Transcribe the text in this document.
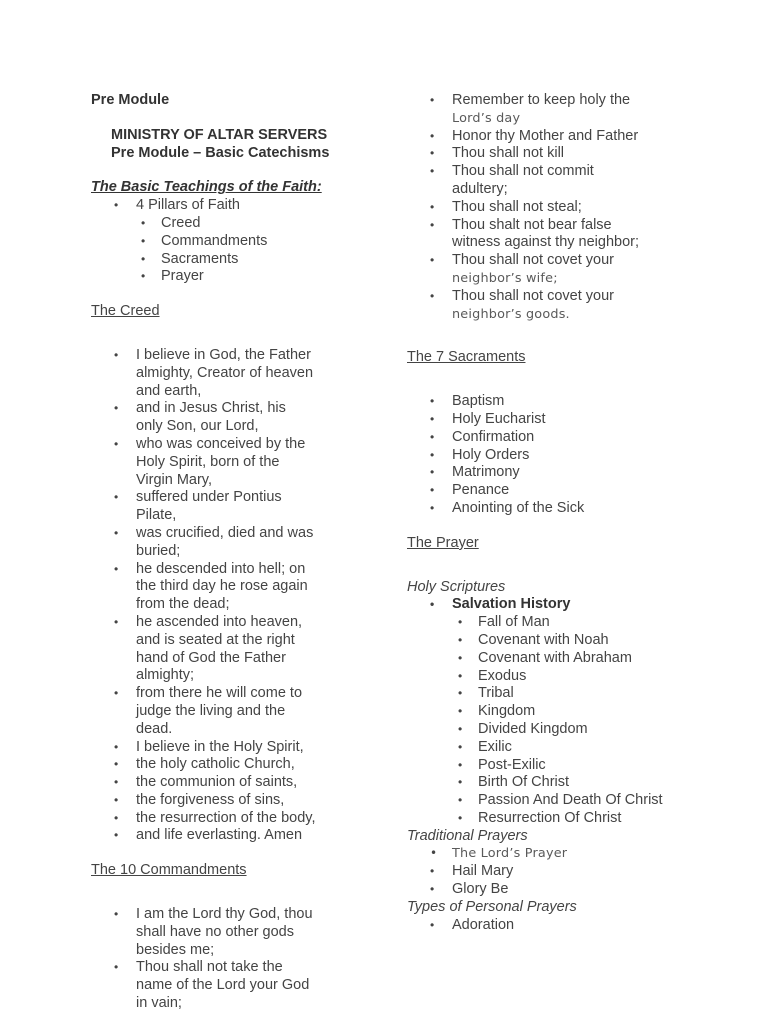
Pre Module
MINISTRY OF ALTAR SERVERS
Pre Module – Basic Catechisms
The Basic Teachings of the Faith:
• 4 Pillars of Faith
• Creed
• Commandments
• Sacraments
• Prayer
The Creed
• I believe in God, the Father almighty, Creator of heaven and earth,
• and in Jesus Christ, his only Son, our Lord,
• who was conceived by the Holy Spirit, born of the Virgin Mary,
• suffered under Pontius Pilate,
• was crucified, died and was buried;
• he descended into hell; on the third day he rose again from the dead;
• he ascended into heaven, and is seated at the right hand of God the Father almighty;
• from there he will come to judge the living and the dead.
• I believe in the Holy Spirit,
• the holy catholic Church,
• the communion of saints,
• the forgiveness of sins,
• the resurrection of the body,
• and life everlasting. Amen
The 10 Commandments
• I am the Lord thy God, thou shall have no other gods besides me;
• Thou shall not take the name of the Lord your God in vain;
• Remember to keep holy the
Lord’s day
• Honor thy Mother and Father
• Thou shall not kill
• Thou shall not commit adultery;
• Thou shall not steal;
• Thou shalt not bear false witness against thy neighbor;
• Thou shall not covet your
neighbor’s wife;
• Thou shall not covet your
neighbor’s goods.
The 7 Sacraments
• Baptism
• Holy Eucharist
• Confirmation
• Holy Orders
• Matrimony
• Penance
• Anointing of the Sick
The Prayer
Holy Scriptures
• Salvation History
• Fall of Man
• Covenant with Noah
• Covenant with Abraham
• Exodus
• Tribal
• Kingdom
• Divided Kingdom
• Exilic
• Post-Exilic
• Birth Of Christ
• Passion And Death Of Christ
• Resurrection Of Christ
Traditional Prayers
• The Lord’s Prayer
• Hail Mary
• Glory Be
Types of Personal Prayers
• Adoration
